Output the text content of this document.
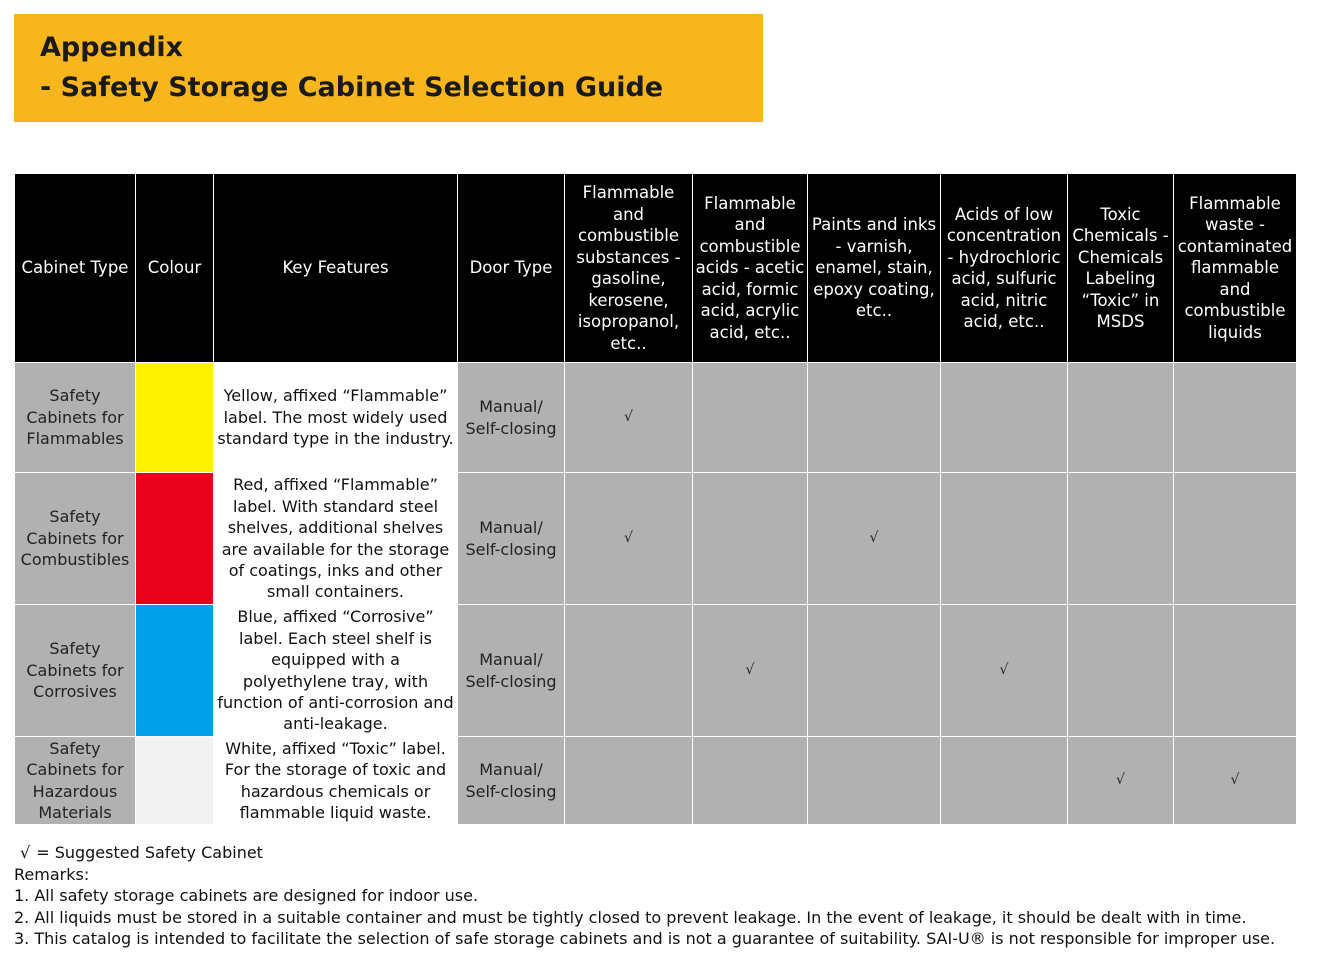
Appendix
- Safety Storage Cabinet Selection Guide
Cabinet Type	Colour	Key Features	Door Type	Flammable and combustible substances - gasoline, kerosene, isopropanol, etc..	Flammable and combustible acids - acetic acid, formic acid, acrylic acid, etc..	Paints and inks - varnish, enamel, stain, epoxy coating, etc..	Acids of low concentration - hydrochloric acid, sulfuric acid, nitric acid, etc..	Toxic Chemicals - Chemicals Labeling “Toxic” in MSDS	Flammable waste - contaminated flammable and combustible liquids
Safety Cabinets for Flammables		Yellow, affixed “Flammable” label. The most widely used standard type in the industry.	Manual/ Self-closing	√					
Safety Cabinets for Combustibles		Red, affixed “Flammable” label. With standard steel shelves, additional shelves are available for the storage of coatings, inks and other small containers.	Manual/ Self-closing	√		√			
Safety Cabinets for Corrosives		Blue, affixed “Corrosive” label. Each steel shelf is equipped with a polyethylene tray, with function of anti-corrosion and anti-leakage.	Manual/ Self-closing		√		√		
Safety Cabinets for Hazardous Materials		White, affixed “Toxic” label. For the storage of toxic and hazardous chemicals or flammable liquid waste.	Manual/ Self-closing					√	√
√ = Suggested Safety Cabinet
Remarks:
1. All safety storage cabinets are designed for indoor use.
2. All liquids must be stored in a suitable container and must be tightly closed to prevent leakage. In the event of leakage, it should be dealt with in time.
3. This catalog is intended to facilitate the selection of safe storage cabinets and is not a guarantee of suitability. SAI-U® is not responsible for improper use.
